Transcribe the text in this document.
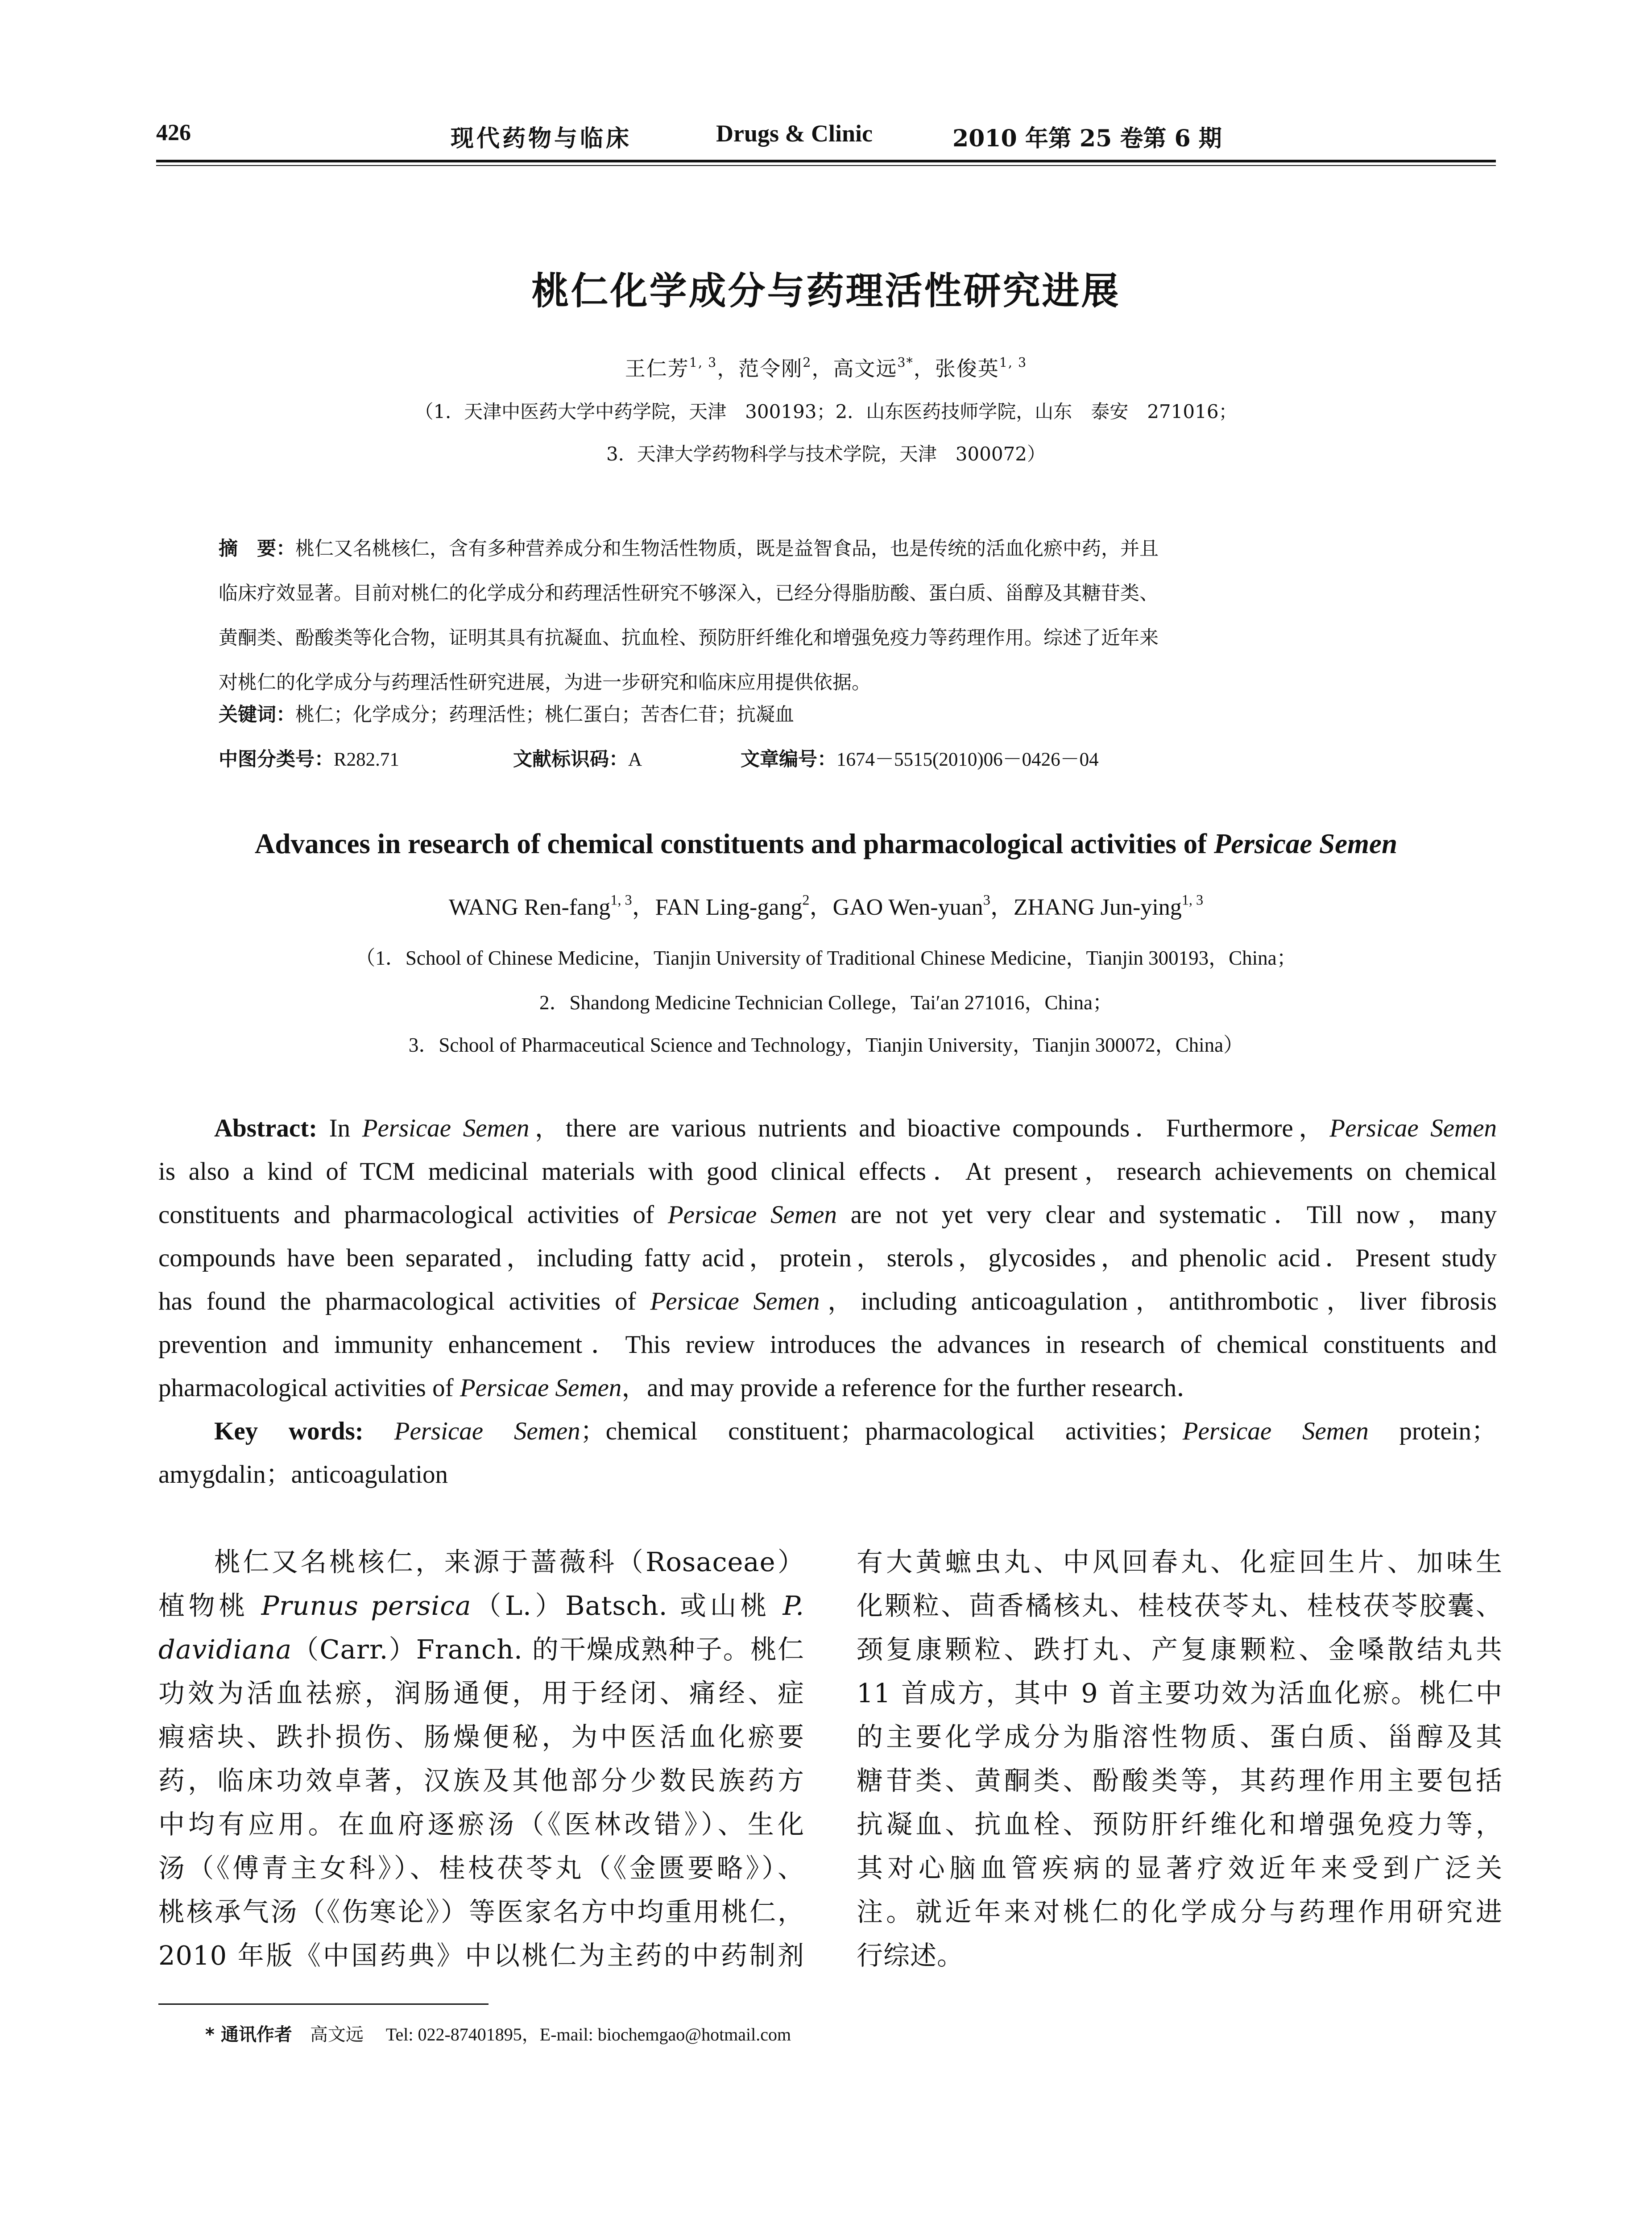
426	现代药物与临床	Drugs & Clinic	2010 年第 25 卷第 6 期
桃仁化学成分与药理活性研究进展
王仁芳$^{1, 3}$，范令刚$^2$，高文远$^{3*}$，张俊英$^{1, 3}$
（1．天津中医药大学中药学院，天津　300193；2．山东医药技师学院，山东　泰安　271016；
3．天津大学药物科学与技术学院，天津　300072）
摘　要：桃仁又名桃核仁，含有多种营养成分和生物活性物质，既是益智食品，也是传统的活血化瘀中药，并且
临床疗效显著。目前对桃仁的化学成分和药理活性研究不够深入，已经分得脂肪酸、蛋白质、甾醇及其糖苷类、
黄酮类、酚酸类等化合物，证明其具有抗凝血、抗血栓、预防肝纤维化和增强免疫力等药理作用。综述了近年来
对桃仁的化学成分与药理活性研究进展，为进一步研究和临床应用提供依据。
关键词：桃仁；化学成分；药理活性；桃仁蛋白；苦杏仁苷；抗凝血
中图分类号：R282.71	文献标识码：A	文章编号：1674－5515(2010)06－0426－04
Advances in research of chemical constituents and pharmacological activities of Persicae Semen
WANG Ren-fang$^{1, 3}$，FAN Ling-gang$^2$，GAO Wen-yuan$^3$，ZHANG Jun-ying$^{1, 3}$
（1．School of Chinese Medicine，Tianjin University of Traditional Chinese Medicine，Tianjin 300193，China；
2．Shandong Medicine Technician College，Tai′an 271016，China；
3．School of Pharmaceutical Science and Technology，Tianjin University，Tianjin 300072，China）
Abstract: In Persicae Semen，there are various nutrients and bioactive compounds．Furthermore，Persicae Semen
is also a kind of TCM medicinal materials with good clinical effects．At present，research achievements on chemical
constituents and pharmacological activities of Persicae Semen are not yet very clear and systematic．Till now，many
compounds have been separated，including fatty acid，protein，sterols，glycosides，and phenolic acid．Present study
has found the pharmacological activities of Persicae Semen，including anticoagulation，antithrombotic，liver fibrosis
prevention and immunity enhancement．This review introduces the advances in research of chemical constituents and
pharmacological activities of Persicae Semen，and may provide a reference for the further research．
Key words: Persicae Semen；chemical constituent；pharmacological activities；Persicae Semen protein；
amygdalin；anticoagulation
桃仁又名桃核仁，来源于蔷薇科（Rosaceae）
植物桃 Prunus persica（L.）Batsch. 或山桃 P.
davidiana（Carr.）Franch. 的干燥成熟种子。桃仁
功效为活血祛瘀，润肠通便，用于经闭、痛经、症
瘕痞块、跌扑损伤、肠燥便秘，为中医活血化瘀要
药，临床功效卓著，汉族及其他部分少数民族药方
中均有应用。在血府逐瘀汤（《医林改错》）、生化
汤（《傅青主女科》）、桂枝茯苓丸（《金匮要略》）、
桃核承气汤（《伤寒论》）等医家名方中均重用桃仁，
2010 年版《中国药典》中以桃仁为主药的中药制剂
有大黄蟅虫丸、中风回春丸、化症回生片、加味生
化颗粒、茴香橘核丸、桂枝茯苓丸、桂枝茯苓胶囊、
颈复康颗粒、跌打丸、产复康颗粒、金嗓散结丸共
11 首成方，其中 9 首主要功效为活血化瘀。桃仁中
的主要化学成分为脂溶性物质、蛋白质、甾醇及其
糖苷类、黄酮类、酚酸类等，其药理作用主要包括
抗凝血、抗血栓、预防肝纤维化和增强免疫力等，
其对心脑血管疾病的显著疗效近年来受到广泛关
注。就近年来对桃仁的化学成分与药理作用研究进
行综述。
* 通讯作者　高文远　 Tel: 022-87401895，E-mail: biochemgao@hotmail.com
